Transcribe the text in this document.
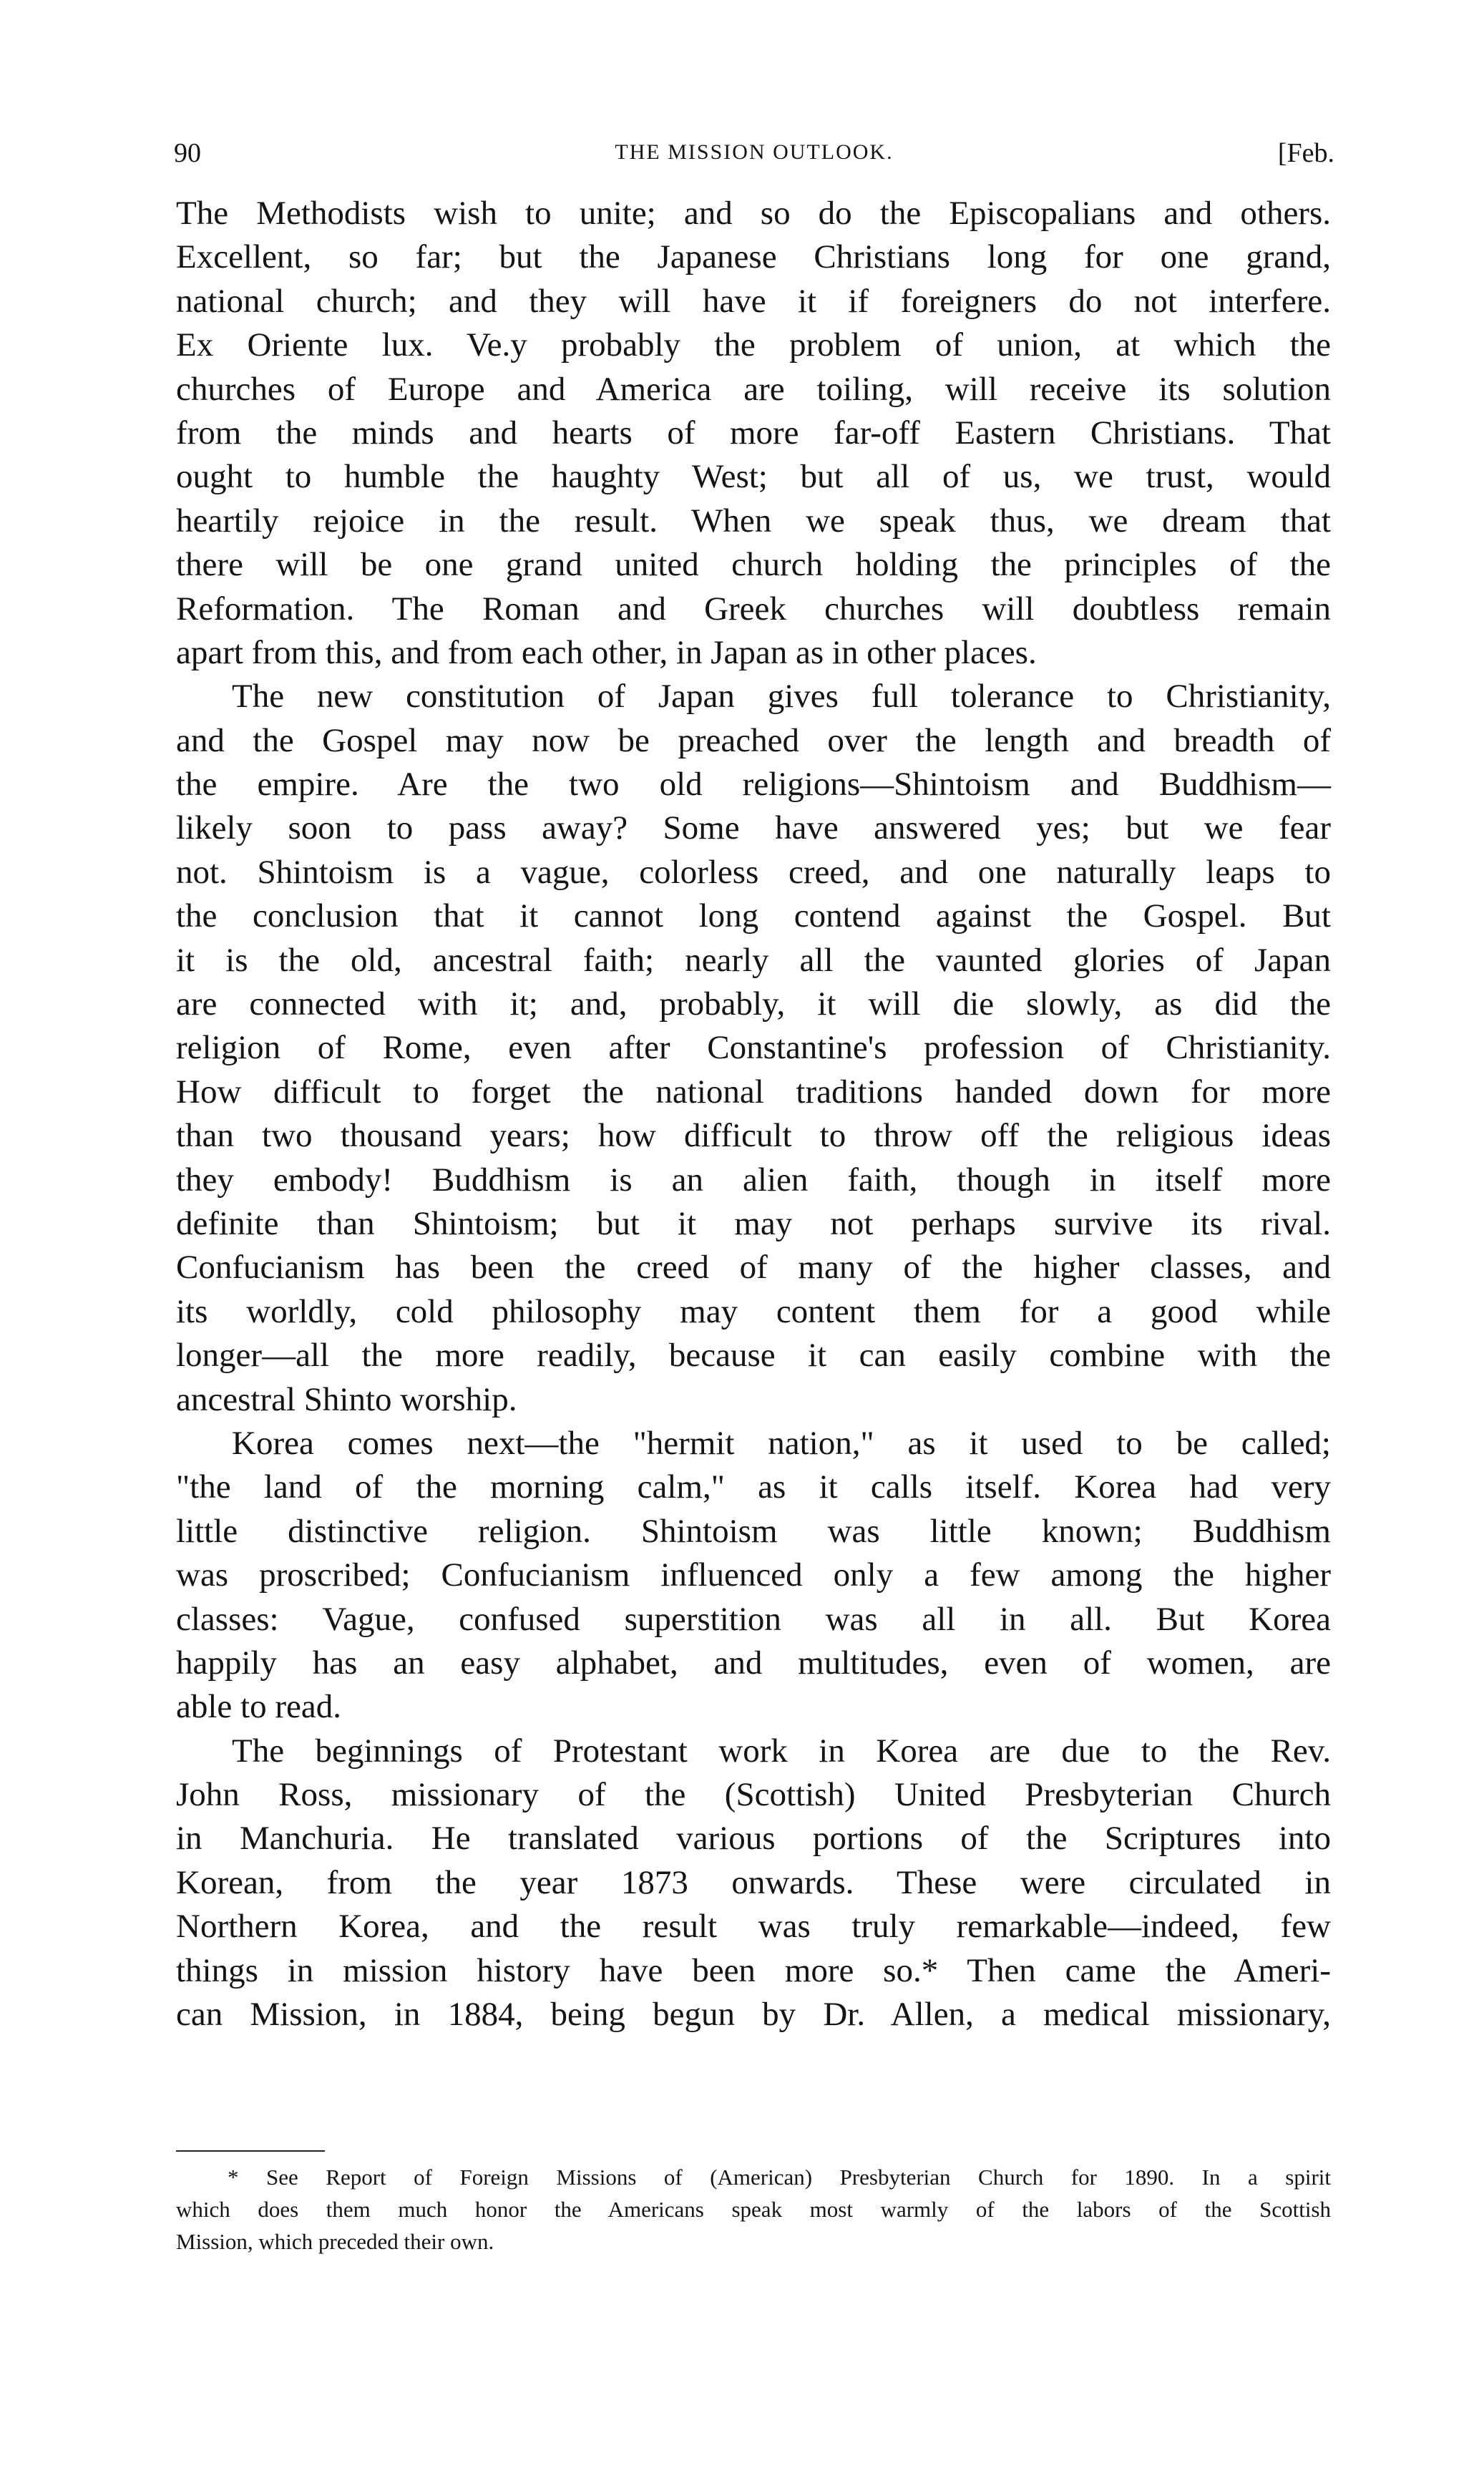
90	THE MISSION OUTLOOK.	[Feb.
The Methodists wish to unite; and so do the Episcopalians and others.
Excellent, so far; but the Japanese Christians long for one grand,
national church; and they will have it if foreigners do not interfere.
Ex Oriente lux. Ve.y probably the problem of union, at which the
churches of Europe and America are toiling, will receive its solution
from the minds and hearts of more far-off Eastern Christians. That
ought to humble the haughty West; but all of us, we trust, would
heartily rejoice in the result. When we speak thus, we dream that
there will be one grand united church holding the principles of the
Reformation. The Roman and Greek churches will doubtless remain
apart from this, and from each other, in Japan as in other places.
The new constitution of Japan gives full tolerance to Christianity,
and the Gospel may now be preached over the length and breadth of
the empire. Are the two old religions—Shintoism and Buddhism—
likely soon to pass away? Some have answered yes; but we fear
not. Shintoism is a vague, colorless creed, and one naturally leaps to
the conclusion that it cannot long contend against the Gospel. But
it is the old, ancestral faith; nearly all the vaunted glories of Japan
are connected with it; and, probably, it will die slowly, as did the
religion of Rome, even after Constantine's profession of Christianity.
How difficult to forget the national traditions handed down for more
than two thousand years; how difficult to throw off the religious ideas
they embody! Buddhism is an alien faith, though in itself more
definite than Shintoism; but it may not perhaps survive its rival.
Confucianism has been the creed of many of the higher classes, and
its worldly, cold philosophy may content them for a good while
longer—all the more readily, because it can easily combine with the
ancestral Shinto worship.
Korea comes next—the "hermit nation," as it used to be called;
"the land of the morning calm," as it calls itself. Korea had very
little distinctive religion. Shintoism was little known; Buddhism
was proscribed; Confucianism influenced only a few among the higher
classes: Vague, confused superstition was all in all. But Korea
happily has an easy alphabet, and multitudes, even of women, are
able to read.
The beginnings of Protestant work in Korea are due to the Rev.
John Ross, missionary of the (Scottish) United Presbyterian Church
in Manchuria. He translated various portions of the Scriptures into
Korean, from the year 1873 onwards. These were circulated in
Northern Korea, and the result was truly remarkable—indeed, few
things in mission history have been more so.* Then came the Ameri-
can Mission, in 1884, being begun by Dr. Allen, a medical missionary,
* See Report of Foreign Missions of (American) Presbyterian Church for 1890. In a spirit
which does them much honor the Americans speak most warmly of the labors of the Scottish
Mission, which preceded their own.
